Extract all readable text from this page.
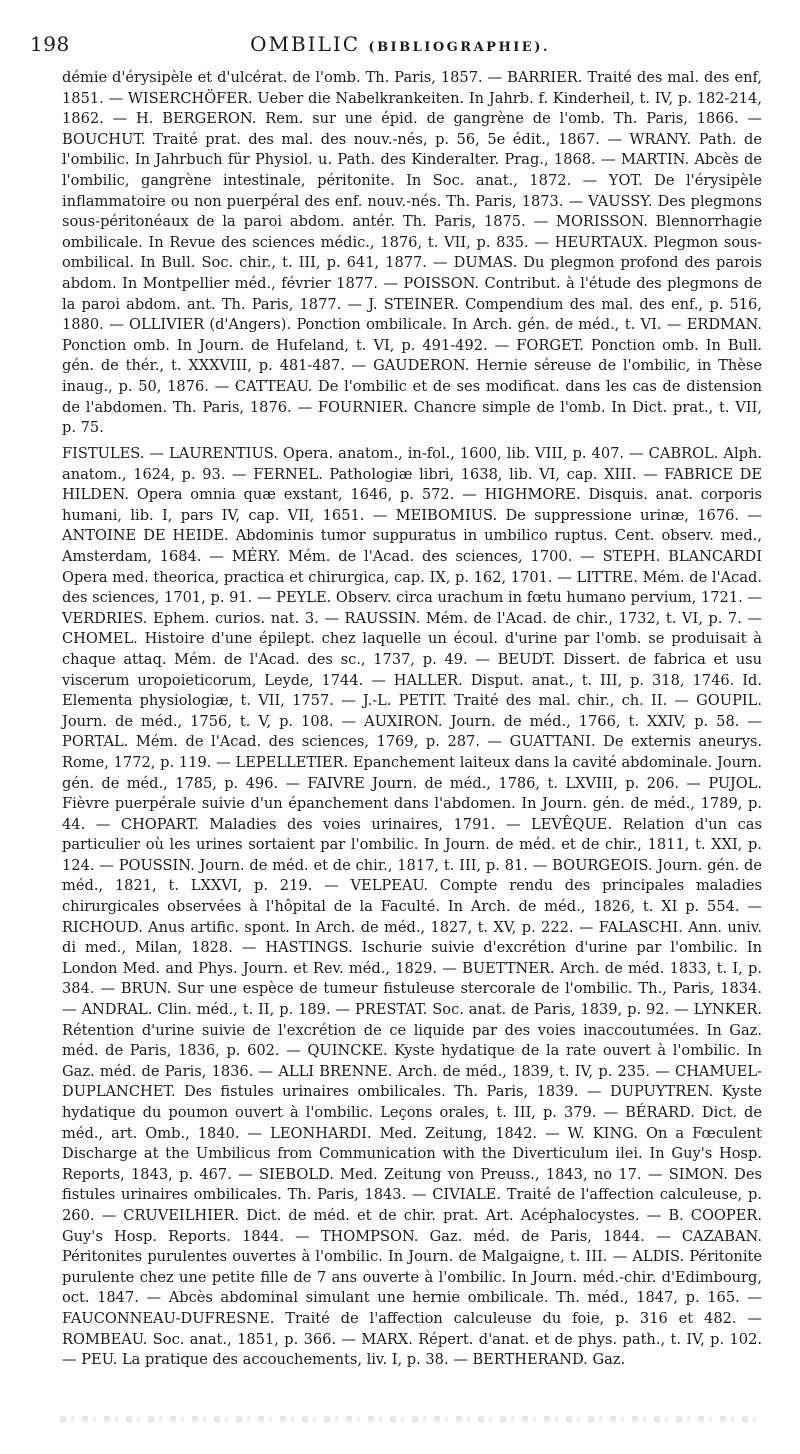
198	OMBILIC (BIBLIOGRAPHIE).

démie d'érysipèle et d'ulcérat. de l'omb. Th. Paris, 1857. — BARRIER. Traité des mal. des enf, 1851. — WISERCHÖFER. Ueber die Nabelkrankeiten. In Jahrb. f. Kinderheil, t. IV, p. 182-214, 1862. — H. BERGERON. Rem. sur une épid. de gangrène de l'omb. Th. Paris, 1866. — BOUCHUT. Traité prat. des mal. des nouv.-nés, p. 56, 5e édit., 1867. — WRANY. Path. de l'ombilic. In Jahrbuch für Physiol. u. Path. des Kinderalter. Prag., 1868. — MARTIN. Abcès de l'ombilic, gangrène intestinale, péritonite. In Soc. anat., 1872. — YOT. De l'érysipèle inflammatoire ou non puerpéral des enf. nouv.-nés. Th. Paris, 1873. — VAUSSY. Des plegmons sous-péritonéaux de la paroi abdom. antér. Th. Paris, 1875. — MORISSON. Blennorrhagie ombilicale. In Revue des sciences médic., 1876, t. VII, p. 835. — HEURTAUX. Plegmon sous-ombilical. In Bull. Soc. chir., t. III, p. 641, 1877. — DUMAS. Du plegmon profond des parois abdom. In Montpellier méd., février 1877. — POISSON. Contribut. à l'étude des plegmons de la paroi abdom. ant. Th. Paris, 1877. — J. STEINER. Compendium des mal. des enf., p. 516, 1880. — OLLIVIER (d'Angers). Ponction ombilicale. In Arch. gén. de méd., t. VI. — ERDMAN. Ponction omb. In Journ. de Hufeland, t. VI, p. 491-492. — FORGET. Ponction omb. In Bull. gén. de thér., t. XXXVIII, p. 481-487. — GAUDERON. Hernie séreuse de l'ombilic, in Thèse inaug., p. 50, 1876. — CATTEAU. De l'ombilic et de ses modificat. dans les cas de distension de l'abdomen. Th. Paris, 1876. — FOURNIER. Chancre simple de l'omb. In Dict. prat., t. VII, p. 75.

FISTULES. — LAURENTIUS. Opera. anatom., in-fol., 1600, lib. VIII, p. 407. — CABROL. Alph. anatom., 1624, p. 93. — FERNEL. Pathologiæ libri, 1638, lib. VI, cap. XIII. — FABRICE DE HILDEN. Opera omnia quæ exstant, 1646, p. 572. — HIGHMORE. Disquis. anat. corporis humani, lib. I, pars IV, cap. VII, 1651. — MEIBOMIUS. De suppressione urinæ, 1676. — ANTOINE DE HEIDE. Abdominis tumor suppuratus in umbilico ruptus. Cent. observ. med., Amsterdam, 1684. — MÉRY. Mém. de l'Acad. des sciences, 1700. — STEPH. BLANCARDI Opera med. theorica, practica et chirurgica, cap. IX, p. 162, 1701. — LITTRE. Mém. de l'Acad. des sciences, 1701, p. 91. — PEYLE. Observ. circa urachum in fœtu humano pervium, 1721. — VERDRIES. Ephem. curios. nat. 3. — RAUSSIN. Mém. de l'Acad. de chir., 1732, t. VI, p. 7. — CHOMEL. Histoire d'une épilept. chez laquelle un écoul. d'urine par l'omb. se produisait à chaque attaq. Mém. de l'Acad. des sc., 1737, p. 49. — BEUDT. Dissert. de fabrica et usu viscerum uropoieticorum, Leyde, 1744. — HALLER. Disput. anat., t. III, p. 318, 1746. Id. Elementa physiologiæ, t. VII, 1757. — J.-L. PETIT. Traité des mal. chir., ch. II. — GOUPIL. Journ. de méd., 1756, t. V, p. 108. — AUXIRON. Journ. de méd., 1766, t. XXIV, p. 58. — PORTAL. Mém. de l'Acad. des sciences, 1769, p. 287. — GUATTANI. De externis aneurys. Rome, 1772, p. 119. — LEPELLETIER. Epanchement laiteux dans la cavité abdominale. Journ. gén. de méd., 1785, p. 496. — FAIVRE Journ. de méd., 1786, t. LXVIII, p. 206. — PUJOL. Fièvre puerpérale suivie d'un épanchement dans l'abdomen. In Journ. gén. de méd., 1789, p. 44. — CHOPART. Maladies des voies urinaires, 1791. — LEVÊQUE. Relation d'un cas particulier où les urines sortaient par l'ombilic. In Journ. de méd. et de chir., 1811, t. XXI, p. 124. — POUSSIN. Journ. de méd. et de chir., 1817, t. III, p. 81. — BOURGEOIS. Journ. gén. de méd., 1821, t. LXXVI, p. 219. — VELPEAU. Compte rendu des principales maladies chirurgicales observées à l'hôpital de la Faculté. In Arch. de méd., 1826, t. XI p. 554. — RICHOUD. Anus artific. spont. In Arch. de méd., 1827, t. XV, p. 222. — FALASCHI. Ann. univ. di med., Milan, 1828. — HASTINGS. Ischurie suivie d'excrétion d'urine par l'ombilic. In London Med. and Phys. Journ. et Rev. méd., 1829. — BUETTNER. Arch. de méd. 1833, t. I, p. 384. — BRUN. Sur une espèce de tumeur fistuleuse stercorale de l'ombilic. Th., Paris, 1834. — ANDRAL. Clin. méd., t. II, p. 189. — PRESTAT. Soc. anat. de Paris, 1839, p. 92. — LYNKER. Rétention d'urine suivie de l'excrétion de ce liquide par des voies inaccoutumées. In Gaz. méd. de Paris, 1836, p. 602. — QUINCKE. Kyste hydatique de la rate ouvert à l'ombilic. In Gaz. méd. de Paris, 1836. — ALLI BRENNE. Arch. de méd., 1839, t. IV, p. 235. — CHAMUEL-DUPLANCHET. Des fistules urinaires ombilicales. Th. Paris, 1839. — DUPUYTREN. Kyste hydatique du poumon ouvert à l'ombilic. Leçons orales, t. III, p. 379. — BÉRARD. Dict. de méd., art. Omb., 1840. — LEONHARDI. Med. Zeitung, 1842. — W. KING. On a Fœculent Discharge at the Umbilicus from Communication with the Diverticulum ilei. In Guy's Hosp. Reports, 1843, p. 467. — SIEBOLD. Med. Zeitung von Preuss., 1843, no 17. — SIMON. Des fistules urinaires ombilicales. Th. Paris, 1843. — CIVIALE. Traité de l'affection calculeuse, p. 260. — CRUVEILHIER. Dict. de méd. et de chir. prat. Art. Acéphalocystes. — B. COOPER. Guy's Hosp. Reports. 1844. — THOMPSON. Gaz. méd. de Paris, 1844. — CAZABAN. Péritonites purulentes ouvertes à l'ombilic. In Journ. de Malgaigne, t. III. — ALDIS. Péritonite purulente chez une petite fille de 7 ans ouverte à l'ombilic. In Journ. méd.-chir. d'Edimbourg, oct. 1847. — Abcès abdominal simulant une hernie ombilicale. Th. méd., 1847, p. 165. — FAUCONNEAU-DUFRESNE. Traité de l'affection calculeuse du foie, p. 316 et 482. — ROMBEAU. Soc. anat., 1851, p. 366. — MARX. Répert. d'anat. et de phys. path., t. IV, p. 102. — PEU. La pratique des accouchements, liv. I, p. 38. — BERTHERAND. Gaz.
